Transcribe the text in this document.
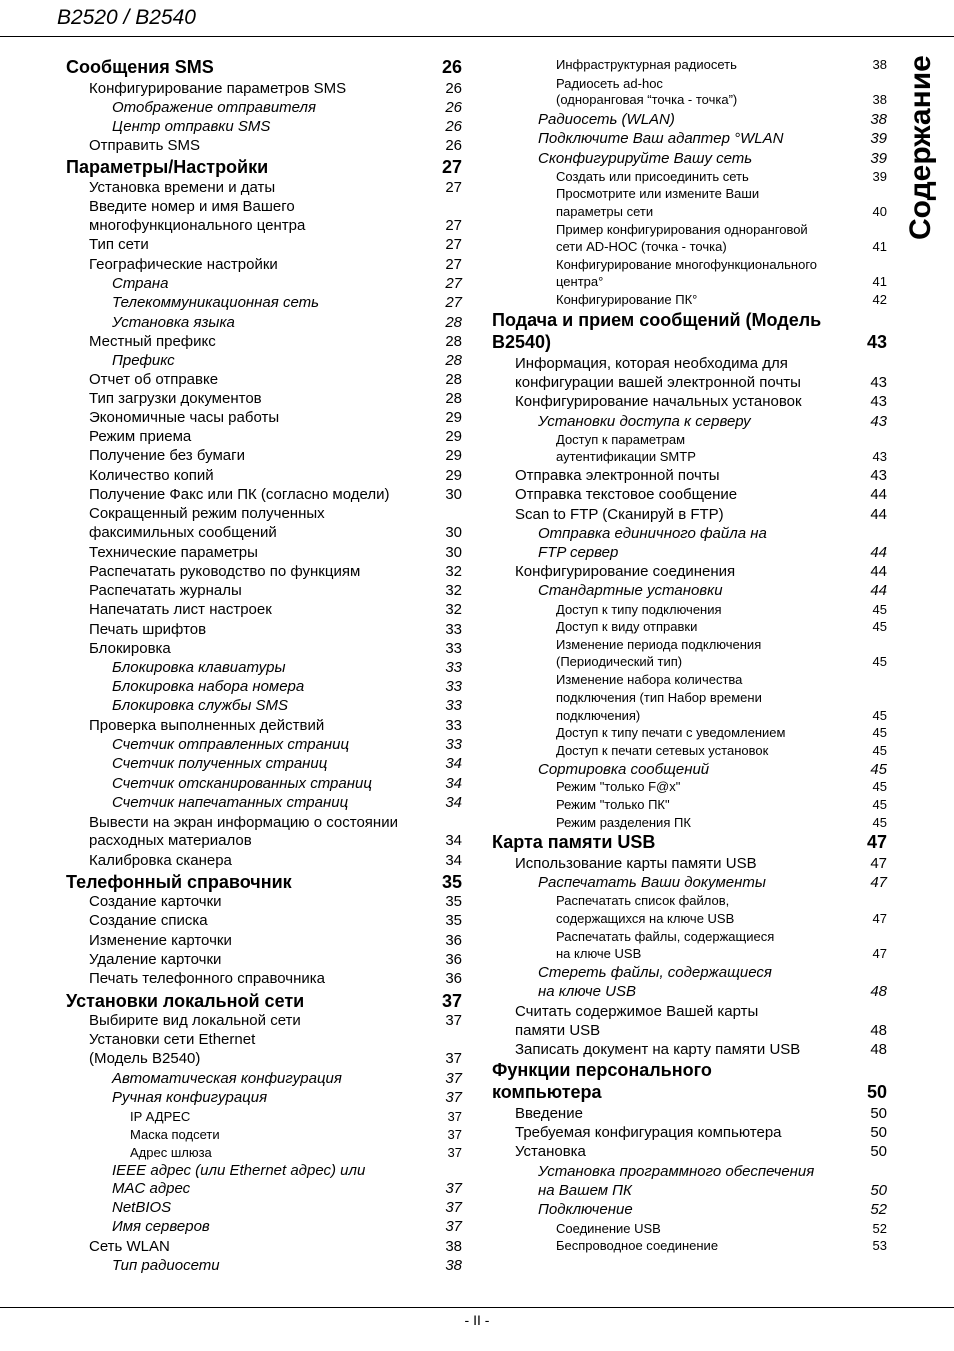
B2520 / B2540
Содержание
Сообщения SMS	26
Конфигурирование параметров SMS	26
Отображение отправителя	26
Центр отправки SMS	26
Отправить SMS	26
Параметры/Настройки	27
Установка времени и даты	27
Введите номер и имя Вашего
многофункционального центра	27
Тип сети	27
Географические настройки	27
Страна	27
Телекоммуникационная сеть	27
Установка языка	28
Местный префикс	28
Префикс	28
Отчет об отправке	28
Тип загрузки документов	28
Экономичные часы работы	29
Режим приема	29
Получение без бумаги	29
Количество копий	29
Получение Факс или ПК (согласно модели)	30
Сокращенный режим полученных
факсимильных сообщений	30
Технические параметры	30
Распечатать руководство по функциям	32
Распечатать журналы	32
Напечатать лист настроек	32
Печать шрифтов	33
Блокировка	33
Блокировка клавиатуры	33
Блокировка набора номера	33
Блокировка службы SMS	33
Проверка выполненных действий	33
Счетчик отправленных страниц	33
Счетчик полученных страниц	34
Счетчик отсканированных страниц	34
Счетчик напечатанных страниц	34
Вывести на экран информацию о состоянии
расходных материалов	34
Калибровка сканера	34
Телефонный справочник	35
Создание карточки	35
Создание списка	35
Изменение карточки	36
Удаление карточки	36
Печать телефонного справочника	36
Установки локальной сети	37
Выбирите вид локальной сети	37
Установки сети Ethernet
(Модель B2540)	37
Автоматическая конфигурация	37
Ручная конфигурация	37
IP АДРЕС	37
Маска подсети	37
Адрес шлюза	37
IEEE адрес (или Ethernet адрес) или
MAC адрес	37
NetBIOS	37
Имя серверов	37
Сеть WLAN	38
Тип радиосети	38
Инфраструктурная радиосеть	38
Радиосеть ad-hoc
(одноранговая “точка - точка”)	38
Радиосеть (WLAN)	38
Подключите Ваш адаптер °WLAN	39
Сконфигурируйте Вашу сеть	39
Создать или присоединить сеть	39
Просмотрите или измените Ваши
параметры сети	40
Пример конфигурирования одноранговой
сети AD-HOC (точка - точка)	41
Конфигурирование многофункционального
центра°	41
Конфигурирование ПК°	42
Подача и прием сообщений (Модель
B2540)	43
Информация, которая необходима для
конфигурации вашей электронной почты	43
Конфигурирование начальных установок	43
Установки доступа к серверу	43
Доступ к параметрам
аутентификации SMTP	43
Отправка электронной почты	43
Отправка текстовое сообщение	44
Scan to FTP (Сканируй в FTP)	44
Отправка единичного файла на
FTP сервер	44
Конфигурирование соединения	44
Стандартные установки	44
Доступ к типу подключения	45
Доступ к виду отправки	45
Изменение периода подключения
(Периодический тип)	45
Изменение набора количества
подключения (тип Набор времени
подключения)	45
Доступ к типу печати с уведомлением	45
Доступ к печати сетевых установок	45
Сортировка сообщений	45
Режим "только F@x"	45
Режим "только ПК"	45
Режим разделения ПК	45
Карта памяти USB	47
Использование карты памяти USB	47
Распечатать Ваши документы	47
Распечатать список файлов,
содержащихся на ключе USB	47
Распечатать файлы, содержащиеся
на ключе USB	47
Стереть файлы, содержащиеся
на ключе USB	48
Считать содержимое Вашей карты
памяти USB	48
Записать документ на карту памяти USB	48
Функции персонального
компьютера	50
Введение	50
Требуемая конфигурация компьютера	50
Установка	50
Установка программного обеспечения
на Вашем ПК	50
Подключение	52
Соединение USB	52
Беспроводное соединение	53
- II -
